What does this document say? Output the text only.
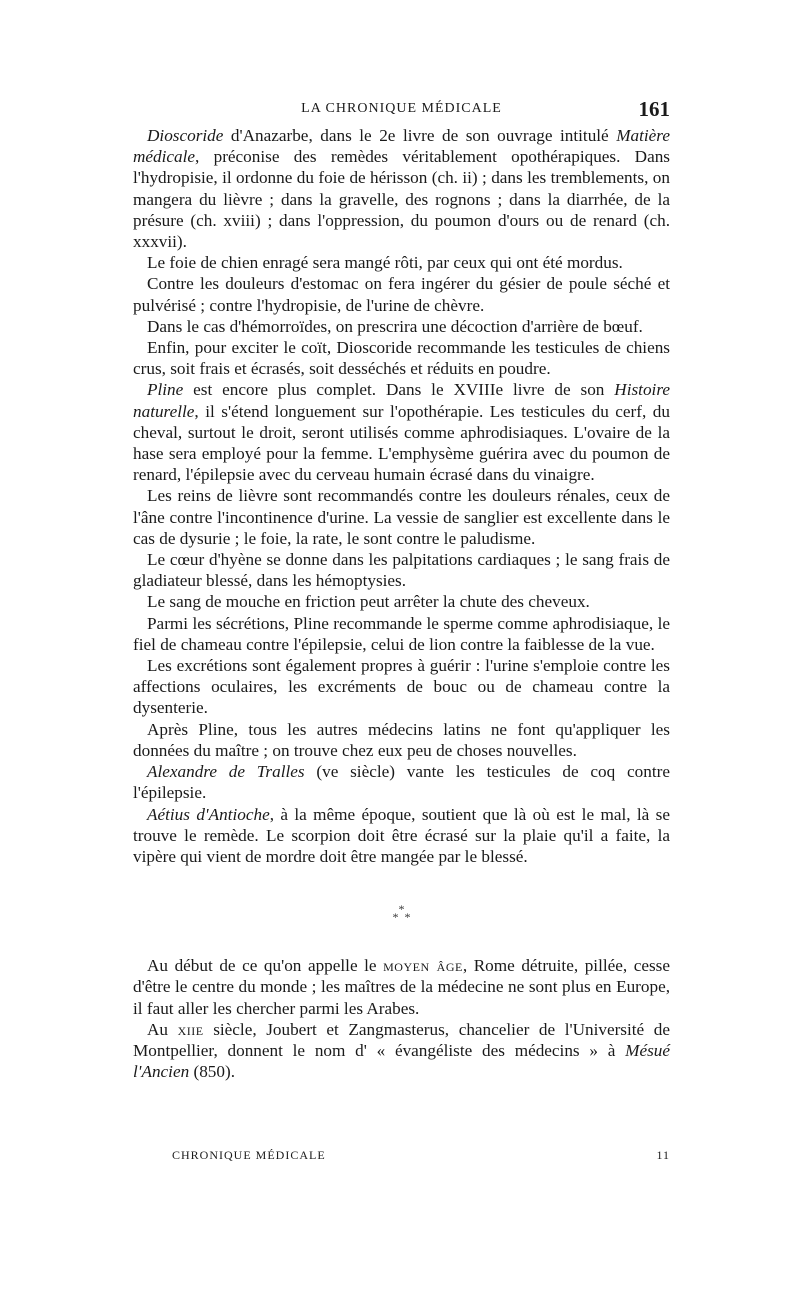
LA CHRONIQUE MÉDICALE	161

Dioscoride d'Anazarbe, dans le 2e livre de son ouvrage intitulé Matière médicale, préconise des remèdes véritablement opothérapiques. Dans l'hydropisie, il ordonne du foie de hérisson (ch. ii) ; dans les tremblements, on mangera du lièvre ; dans la gravelle, des rognons ; dans la diarrhée, de la présure (ch. xviii) ; dans l'oppression, du poumon d'ours ou de renard (ch. xxxvii).

Le foie de chien enragé sera mangé rôti, par ceux qui ont été mordus.

Contre les douleurs d'estomac on fera ingérer du gésier de poule séché et pulvérisé ; contre l'hydropisie, de l'urine de chèvre.

Dans le cas d'hémorroïdes, on prescrira une décoction d'arrière de bœuf.

Enfin, pour exciter le coït, Dioscoride recommande les testicules de chiens crus, soit frais et écrasés, soit desséchés et réduits en poudre.

Pline est encore plus complet. Dans le XVIIIe livre de son Histoire naturelle, il s'étend longuement sur l'opothérapie. Les testicules du cerf, du cheval, surtout le droit, seront utilisés comme aphrodisiaques. L'ovaire de la hase sera employé pour la femme. L'emphysème guérira avec du poumon de renard, l'épilepsie avec du cerveau humain écrasé dans du vinaigre.

Les reins de lièvre sont recommandés contre les douleurs rénales, ceux de l'âne contre l'incontinence d'urine. La vessie de sanglier est excellente dans le cas de dysurie ; le foie, la rate, le sont contre le paludisme.

Le cœur d'hyène se donne dans les palpitations cardiaques ; le sang frais de gladiateur blessé, dans les hémoptysies.

Le sang de mouche en friction peut arrêter la chute des cheveux.

Parmi les sécrétions, Pline recommande le sperme comme aphrodisiaque, le fiel de chameau contre l'épilepsie, celui de lion contre la faiblesse de la vue.

Les excrétions sont également propres à guérir : l'urine s'emploie contre les affections oculaires, les excréments de bouc ou de chameau contre la dysenterie.

Après Pline, tous les autres médecins latins ne font qu'appliquer les données du maître ; on trouve chez eux peu de choses nouvelles.

Alexandre de Tralles (ve siècle) vante les testicules de coq contre l'épilepsie.

Aétius d'Antioche, à la même époque, soutient que là où est le mal, là se trouve le remède. Le scorpion doit être écrasé sur la plaie qu'il a faite, la vipère qui vient de mordre doit être mangée par le blessé.

*
* *

Au début de ce qu'on appelle le moyen âge, Rome détruite, pillée, cesse d'être le centre du monde ; les maîtres de la médecine ne sont plus en Europe, il faut aller les chercher parmi les Arabes.

Au xiie siècle, Joubert et Zangmasterus, chancelier de l'Université de Montpellier, donnent le nom d' « évangéliste des médecins » à Mésué l'Ancien (850).

CHRONIQUE MÉDICALE	11
